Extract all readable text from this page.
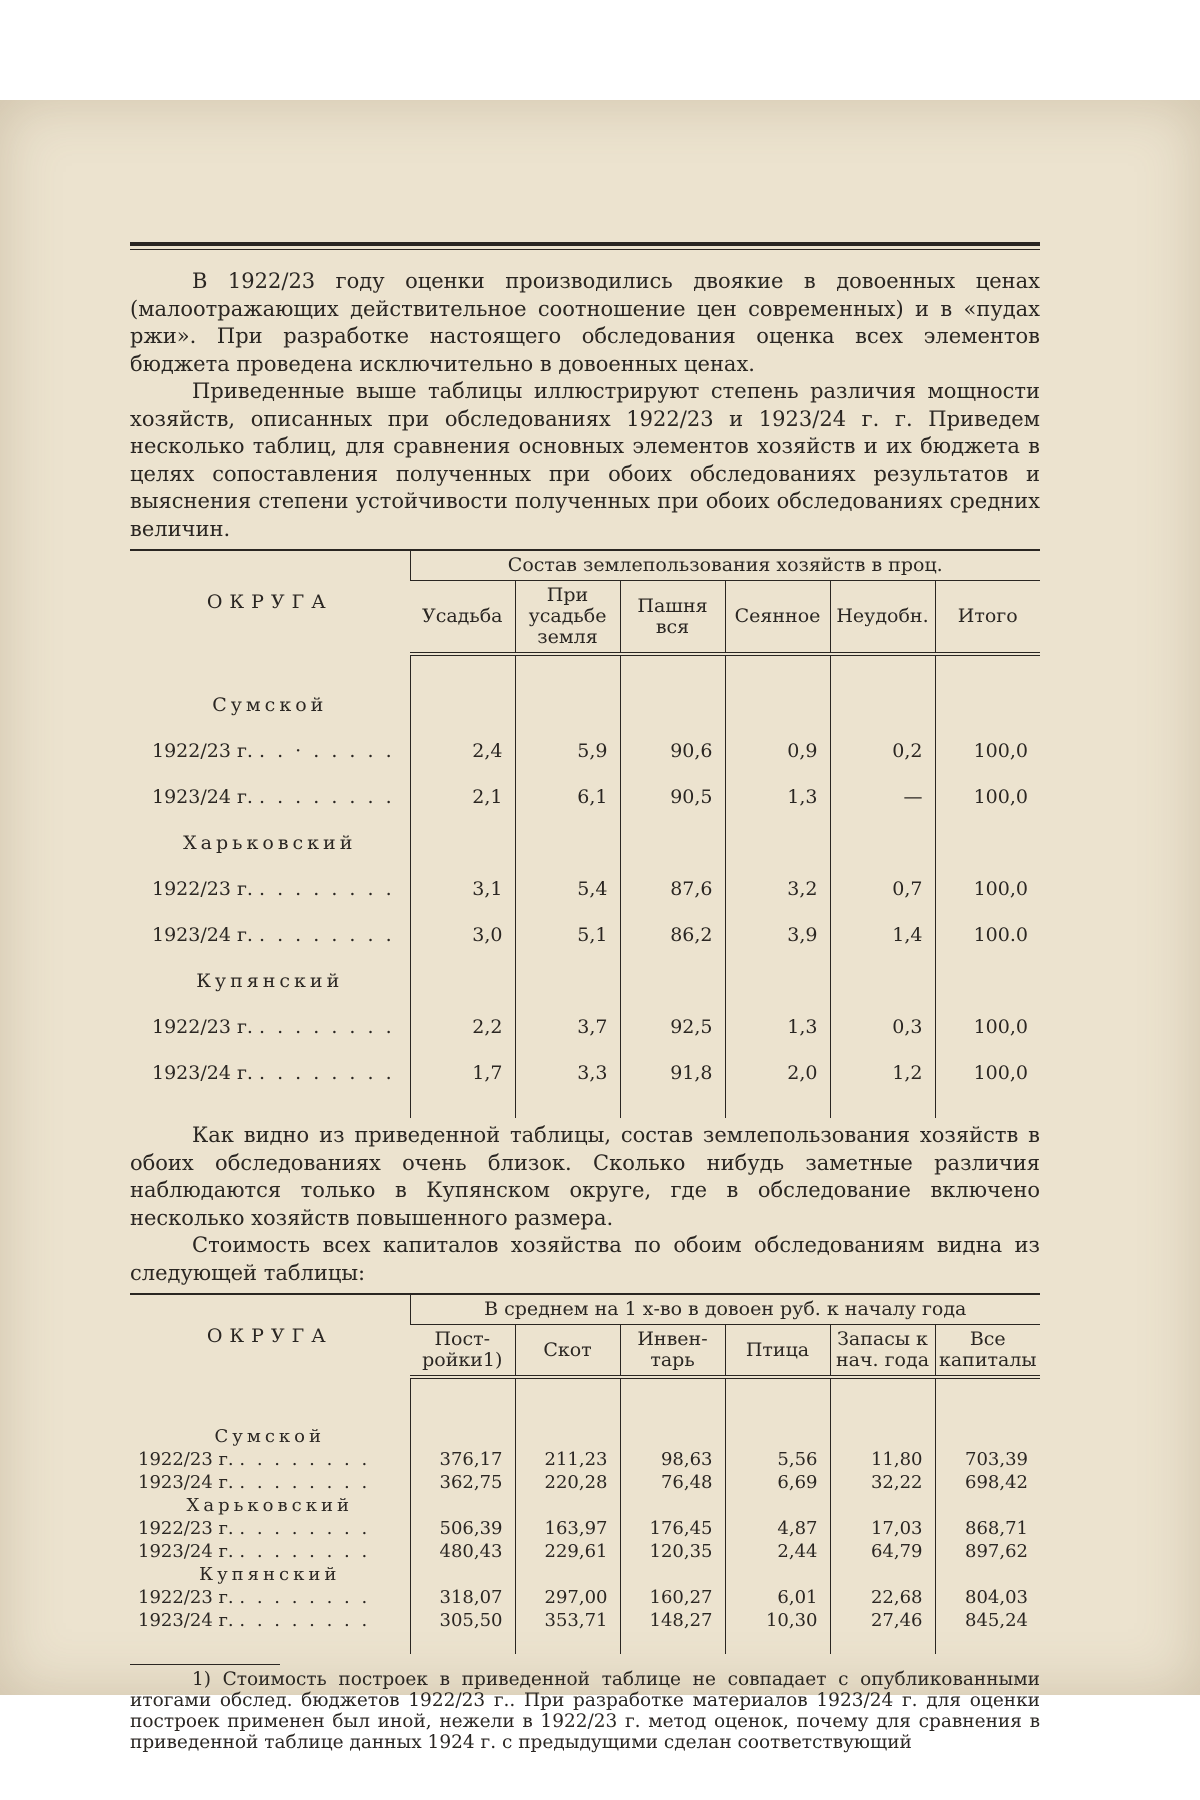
В 1922/23 году оценки производились двоякие в довоенных ценах (малоотражающих действительное соотношение цен современных) и в «пудах ржи». При разработке настоящего обследования оценка всех элементов бюджета проведена исключительно в довоенных ценах.

Приведенные выше таблицы иллюстрируют степень различия мощности хозяйств, описанных при обследованиях 1922/23 и 1923/24 г. г. Приведем несколько таблиц, для сравнения основных элементов хозяйств и их бюджета в целях сопоставления полученных при обоих обследованиях результатов и выяснения степени устойчивости полученных при обоих обследованиях средних величин.

ОКРУГА	Состав землепользования хозяйств в проц.					
	Усадьба	При усадьбе земля	Пашня вся	Сеянное	Неудобн.	Итого

Сумской						
1922/23 г. . . · . . . . .	2,4	5,9	90,6	0,9	0,2	100,0
1923/24 г. . . . . . . . .	2,1	6,1	90,5	1,3	—	100,0
Харьковский						
1922/23 г. . . . . . . . .	3,1	5,4	87,6	3,2	0,7	100,0
1923/24 г. . . . . . . . .	3,0	5,1	86,2	3,9	1,4	100.0
Купянский						
1922/23 г. . . . . . . . .	2,2	3,7	92,5	1,3	0,3	100,0
1923/24 г. . . . . . . . .	1,7	3,3	91,8	2,0	1,2	100,0

Как видно из приведенной таблицы, состав землепользования хозяйств в обоих обследованиях очень близок. Сколько нибудь заметные различия наблюдаются только в Купянском округе, где в обследование включено несколько хозяйств повышенного размера.

Стоимость всех капиталов хозяйства по обоим обследованиям видна из следующей таблицы:

ОКРУГА	В среднем на 1 х-во в довоен руб. к началу года					
	Пост-ройки1)	Скот	Инвен-тарь	Птица	Запасы к нач. года	Все капиталы

Сумской						
1922/23 г. . . . . . . . .	376,17	211,23	98,63	5,56	11,80	703,39
1923/24 г. . . . . . . . .	362,75	220,28	76,48	6,69	32,22	698,42
Харьковский						
1922/23 г. . . . . . . . .	506,39	163,97	176,45	4,87	17,03	868,71
1923/24 г. . . . . . . . .	480,43	229,61	120,35	2,44	64,79	897,62
Купянский						
1922/23 г. . . . . . . . .	318,07	297,00	160,27	6,01	22,68	804,03
1923/24 г. . . . . . . . .	305,50	353,71	148,27	10,30	27,46	845,24

1) Стоимость построек в приведенной таблице не совпадает с опубликованными итогами обслед. бюджетов 1922/23 г.. При разработке материалов 1923/24 г. для оценки построек применен был иной, нежели в 1922/23 г. метод оценок, почему для сравнения в приведенной таблице данных 1924 г. с предыдущими сделан соответствующий
